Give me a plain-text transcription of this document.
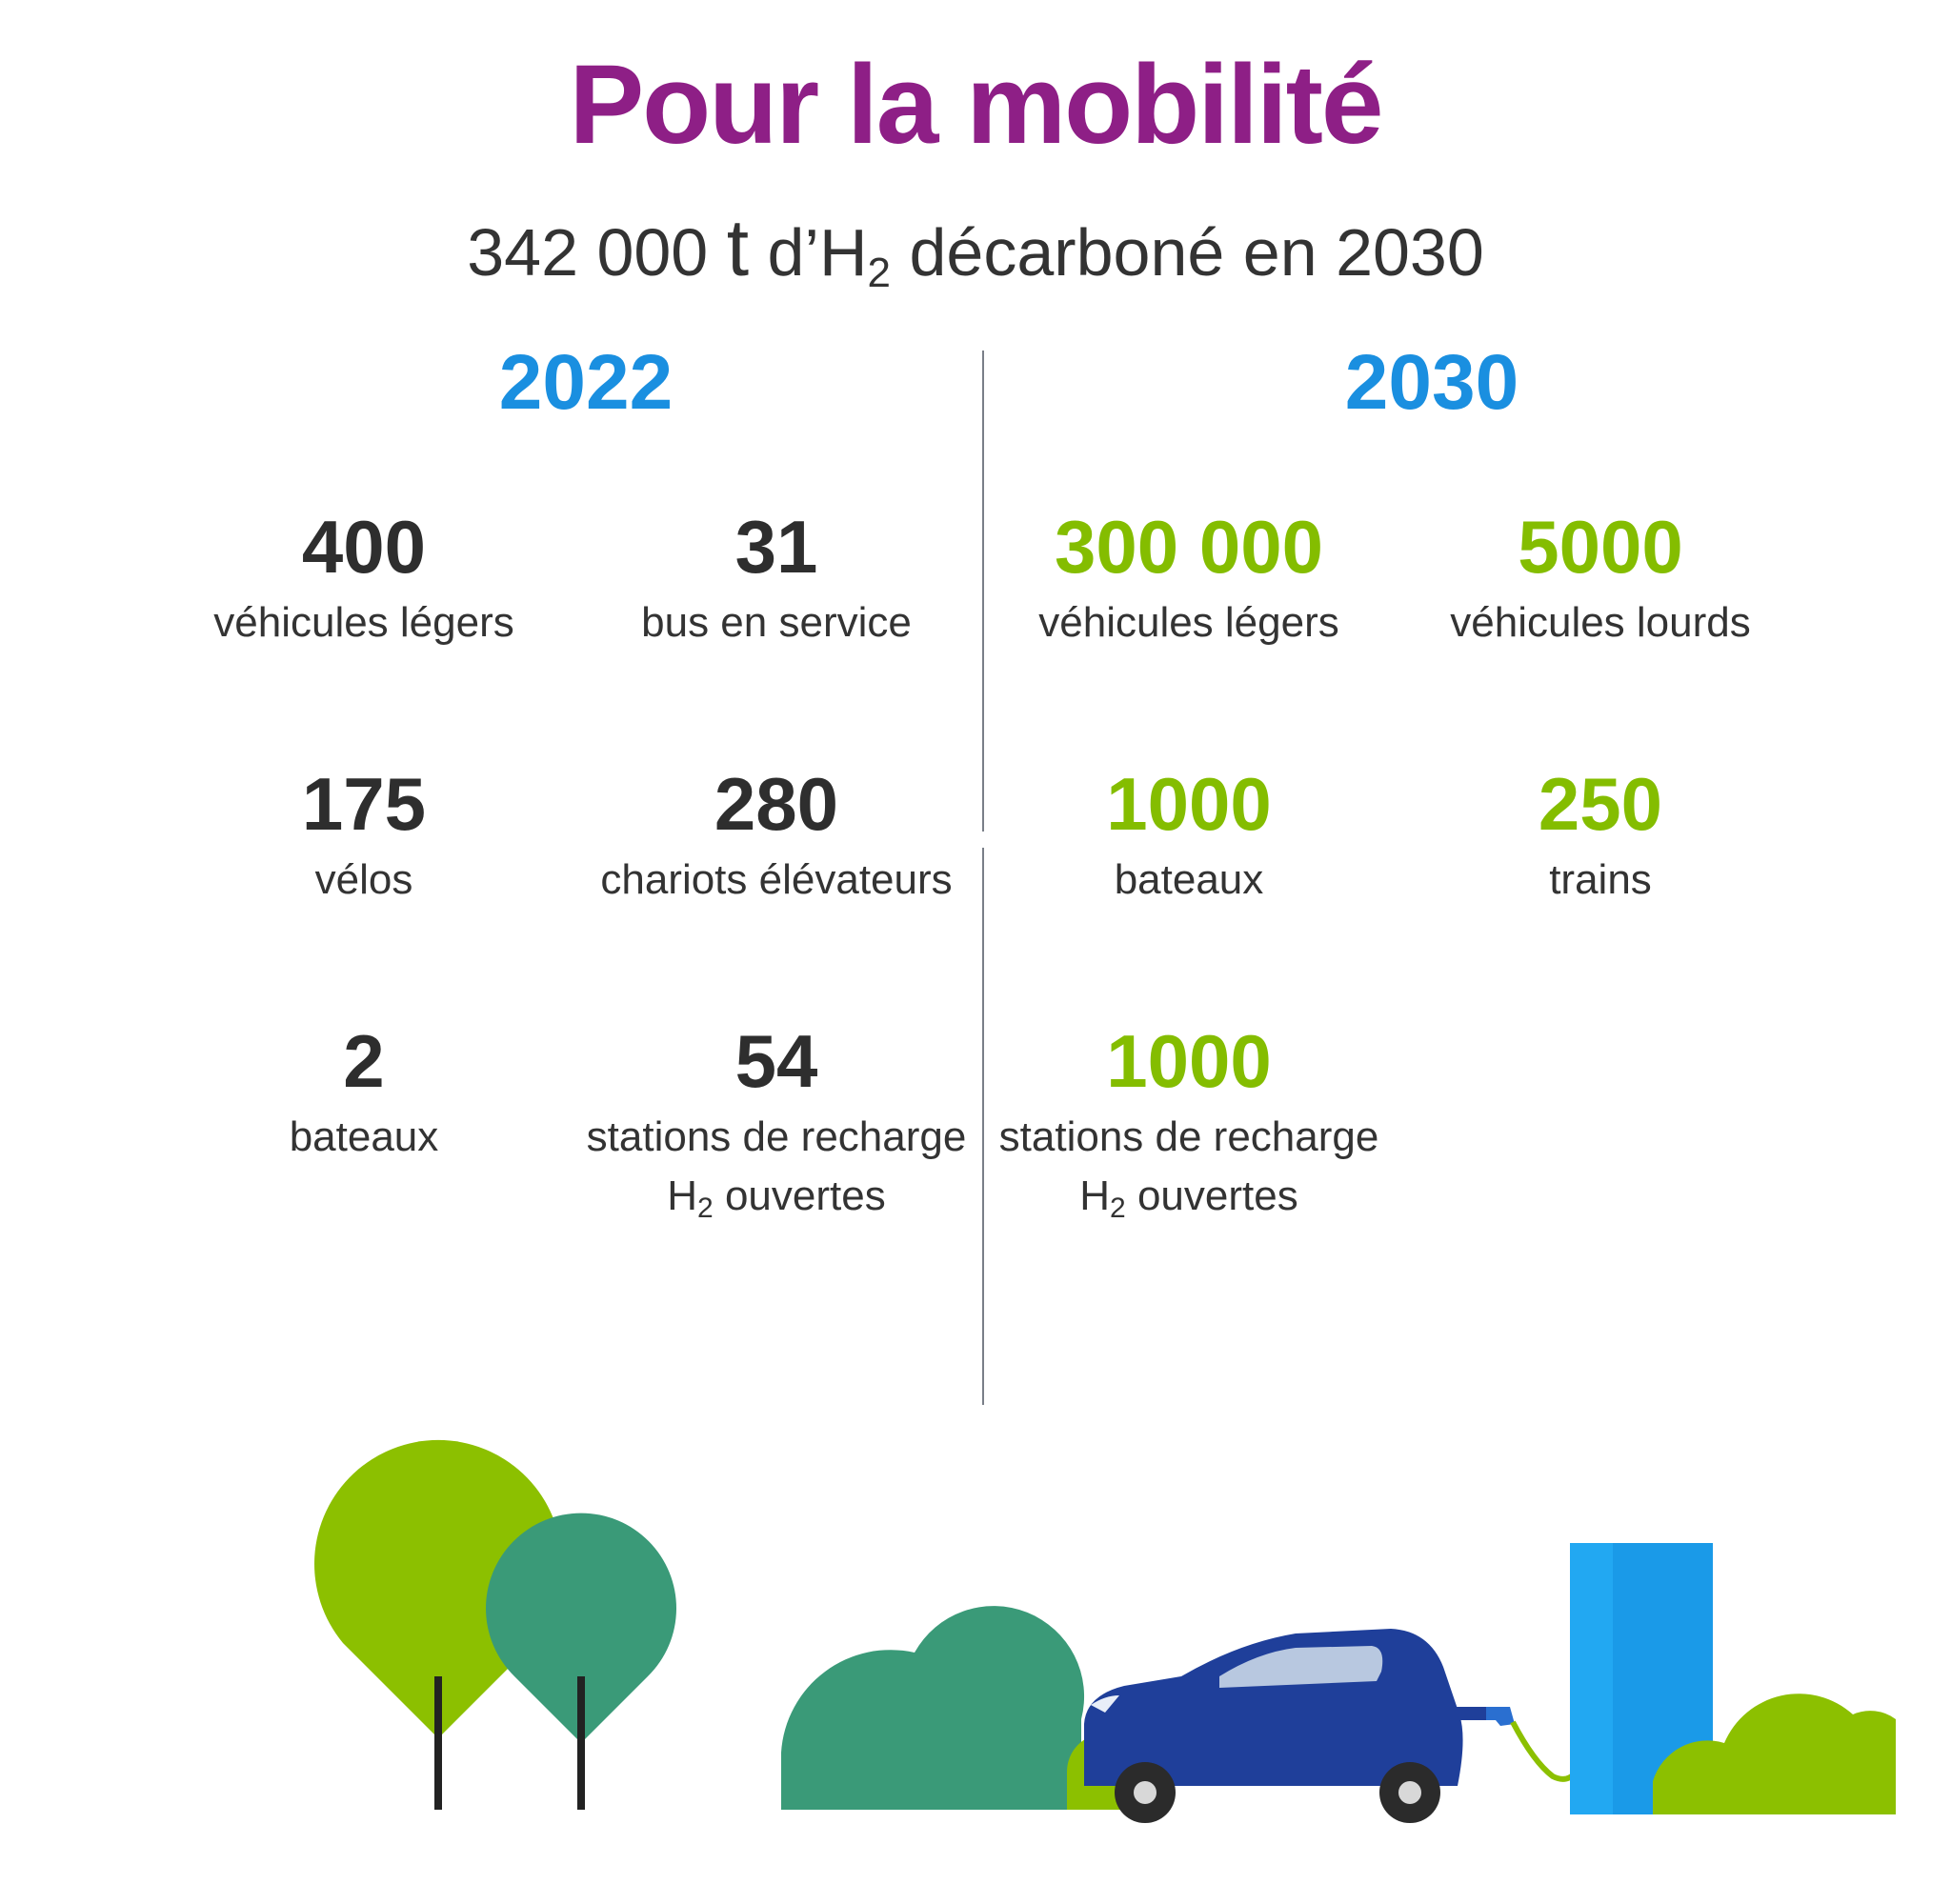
Pour la mobilité
342 000 t $d’H_2$ décarboné en 2030
2022	2030
400
véhicules légers
31
bus en service
175
vélos
280
chariots élévateurs
2
bateaux
54
stations de recharge
$H_2$ ouvertes
300 000
véhicules légers
5000
véhicules lourds
1000
bateaux
250
trains
1000
stations de recharge
$H_2$ ouvertes
